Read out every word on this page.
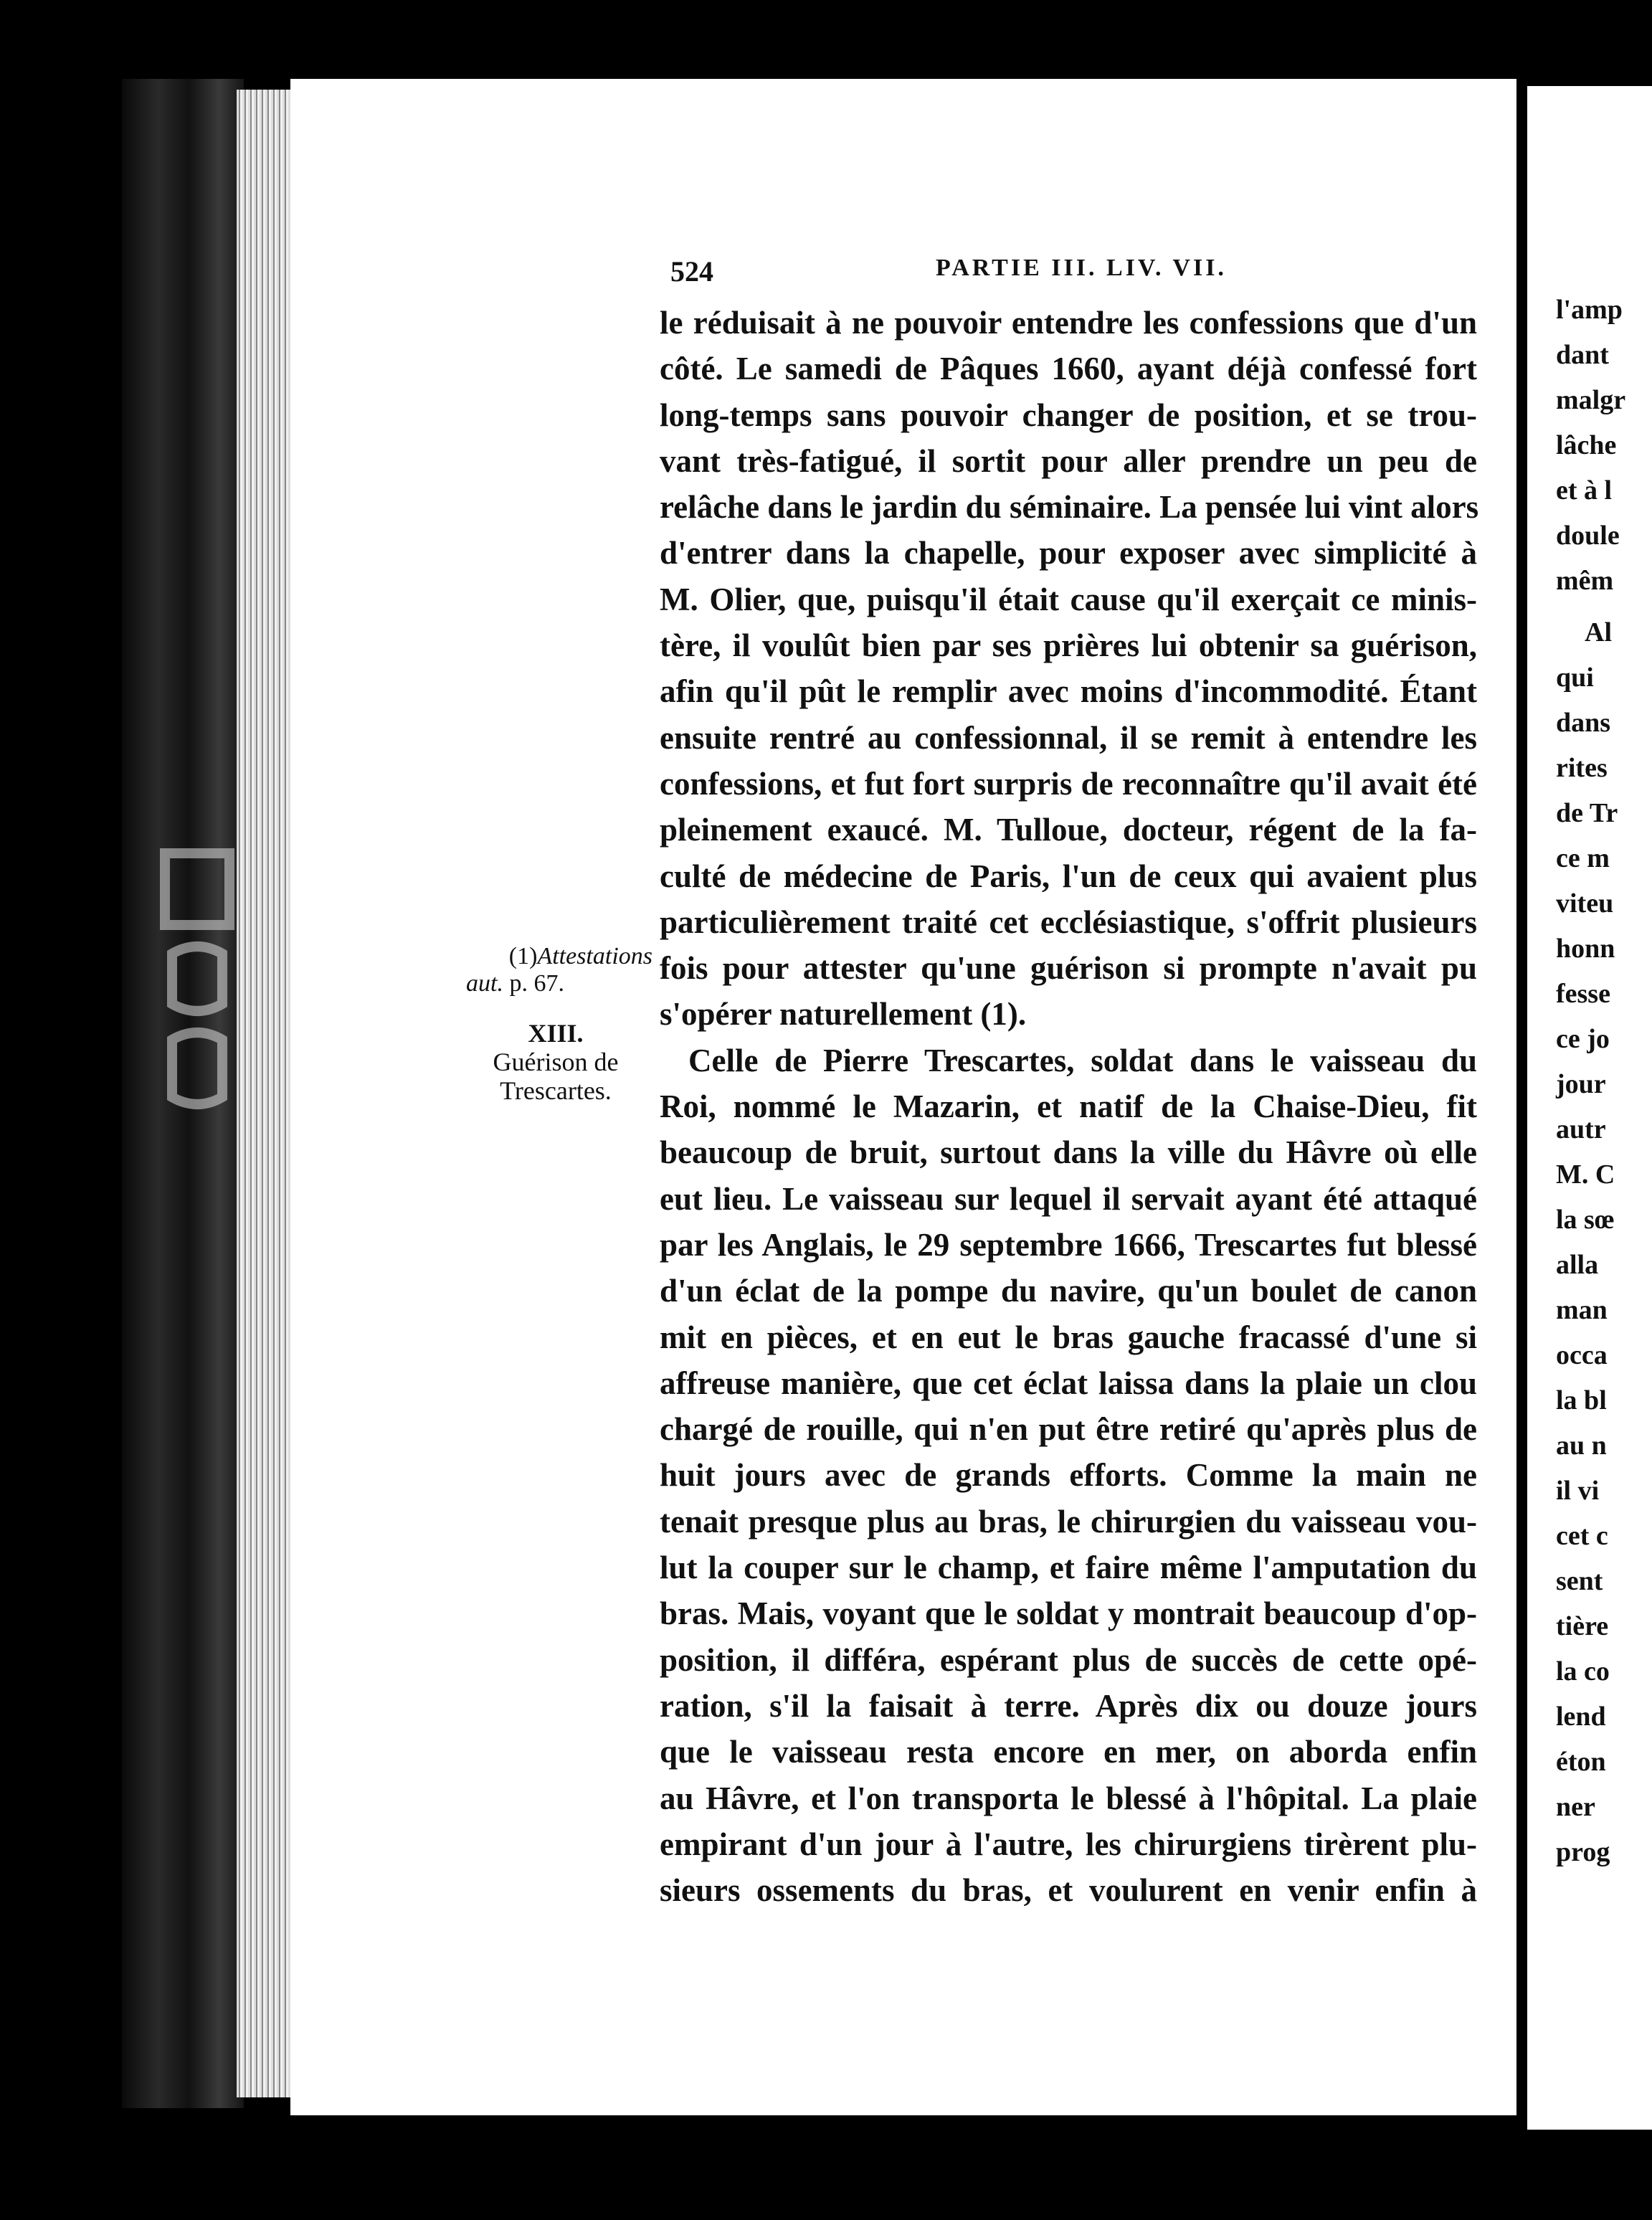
524	PARTIE III. LIV. VII.
(1)Attestations
aut. p. 67.
XIII.
Guérison de
Trescartes.
le réduisait à ne pouvoir entendre les confessions que d'un
côté. Le samedi de Pâques 1660, ayant déjà confessé fort
long-temps sans pouvoir changer de position, et se trou-
vant très-fatigué, il sortit pour aller prendre un peu de
relâche dans le jardin du séminaire. La pensée lui vint alors
d'entrer dans la chapelle, pour exposer avec simplicité à
M. Olier, que, puisqu'il était cause qu'il exerçait ce minis-
tère, il voulût bien par ses prières lui obtenir sa guérison,
afin qu'il pût le remplir avec moins d'incommodité. Étant
ensuite rentré au confessionnal, il se remit à entendre les
confessions, et fut fort surpris de reconnaître qu'il avait été
pleinement exaucé. M. Tulloue, docteur, régent de la fa-
culté de médecine de Paris, l'un de ceux qui avaient plus
particulièrement traité cet ecclésiastique, s'offrit plusieurs
fois pour attester qu'une guérison si prompte n'avait pu
s'opérer naturellement (1).
Celle de Pierre Trescartes, soldat dans le vaisseau du
Roi, nommé le Mazarin, et natif de la Chaise-Dieu, fit
beaucoup de bruit, surtout dans la ville du Hâvre où elle
eut lieu. Le vaisseau sur lequel il servait ayant été attaqué
par les Anglais, le 29 septembre 1666, Trescartes fut blessé
d'un éclat de la pompe du navire, qu'un boulet de canon
mit en pièces, et en eut le bras gauche fracassé d'une si
affreuse manière, que cet éclat laissa dans la plaie un clou
chargé de rouille, qui n'en put être retiré qu'après plus de
huit jours avec de grands efforts. Comme la main ne
tenait presque plus au bras, le chirurgien du vaisseau vou-
lut la couper sur le champ, et faire même l'amputation du
bras. Mais, voyant que le soldat y montrait beaucoup d'op-
position, il différa, espérant plus de succès de cette opé-
ration, s'il la faisait à terre. Après dix ou douze jours
que le vaisseau resta encore en mer, on aborda enfin
au Hâvre, et l'on transporta le blessé à l'hôpital. La plaie
empirant d'un jour à l'autre, les chirurgiens tirèrent plu-
sieurs ossements du bras, et voulurent en venir enfin à
l'amp
dant
malgr
lâche
et à l
doule
mêm
Al
qui
dans
rites
de Tr
ce m
viteu
honn
fesse
ce jo
jour
autr
M. C
la sœ
alla
man
occa
la bl
au n
il vi
cet c
sent
tière
la co
lend
éton
ner
prog
